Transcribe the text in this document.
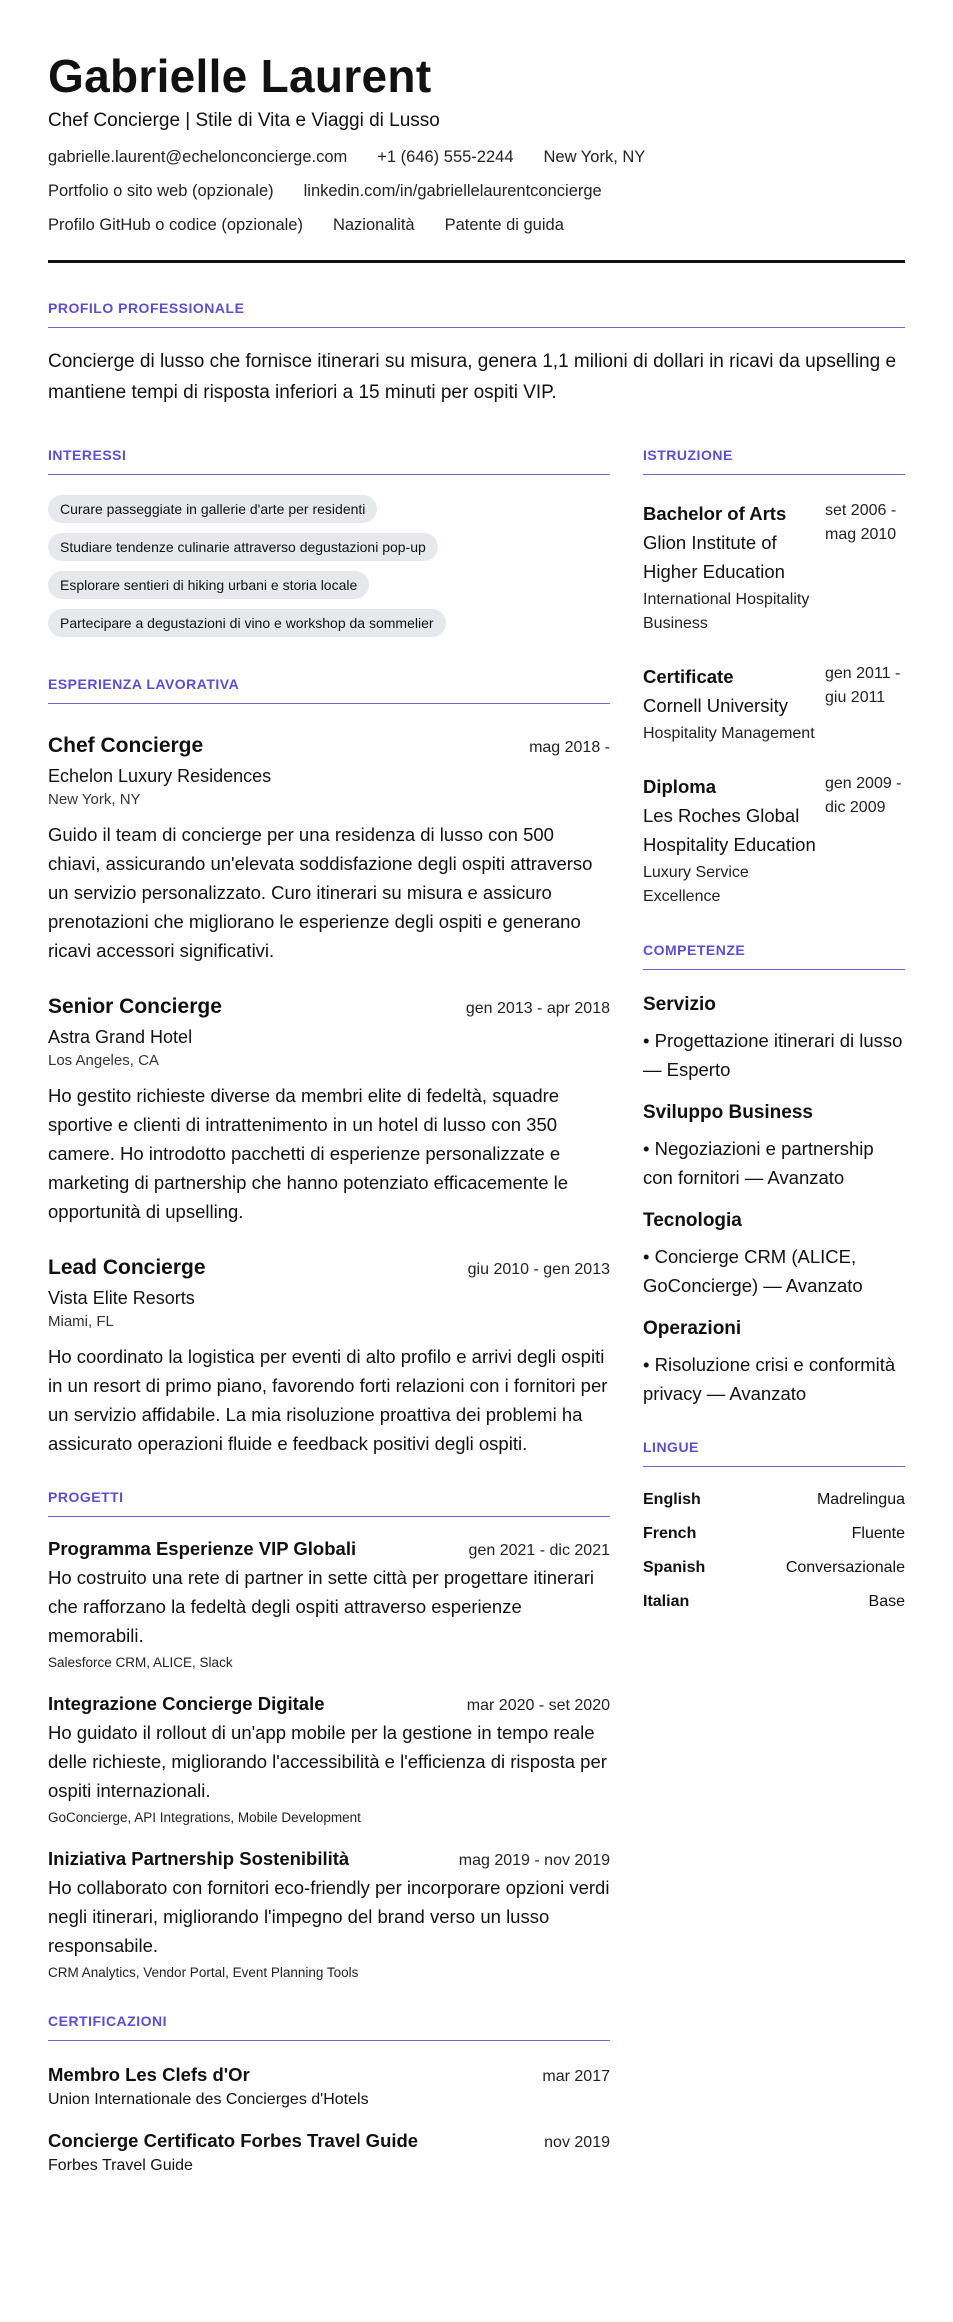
Gabrielle Laurent
Chef Concierge | Stile di Vita e Viaggi di Lusso
gabrielle.laurent@echelonconcierge.com +1 (646) 555-2244 New York, NY
Portfolio o sito web (opzionale) linkedin.com/in/gabriellelaurentconcierge
Profilo GitHub o codice (opzionale) Nazionalità Patente di guida
PROFILO PROFESSIONALE

Concierge di lusso che fornisce itinerari su misura, genera 1,1 milioni di dollari in ricavi da upselling e mantiene tempi di risposta inferiori a 15 minuti per ospiti VIP.

INTERESSI
Curare passeggiate in gallerie d'arte per residenti
Studiare tendenze culinarie attraverso degustazioni pop-up
Esplorare sentieri di hiking urbani e storia locale
Partecipare a degustazioni di vino e workshop da sommelier
ESPERIENZA LAVORATIVA
Chef Concierge	mag 2018 -
Echelon Luxury Residences
New York, NY

Guido il team di concierge per una residenza di lusso con 500 chiavi, assicurando un'elevata soddisfazione degli ospiti attraverso un servizio personalizzato. Curo itinerari su misura e assicuro prenotazioni che migliorano le esperienze degli ospiti e generano ricavi accessori significativi.

Senior Concierge	gen 2013 - apr 2018
Astra Grand Hotel
Los Angeles, CA

Ho gestito richieste diverse da membri elite di fedeltà, squadre sportive e clienti di intrattenimento in un hotel di lusso con 350 camere. Ho introdotto pacchetti di esperienze personalizzate e marketing di partnership che hanno potenziato efficacemente le opportunità di upselling.

Lead Concierge	giu 2010 - gen 2013
Vista Elite Resorts
Miami, FL

Ho coordinato la logistica per eventi di alto profilo e arrivi degli ospiti in un resort di primo piano, favorendo forti relazioni con i fornitori per un servizio affidabile. La mia risoluzione proattiva dei problemi ha assicurato operazioni fluide e feedback positivi degli ospiti.

PROGETTI
Programma Esperienze VIP Globali	gen 2021 - dic 2021

Ho costruito una rete di partner in sette città per progettare itinerari che rafforzano la fedeltà degli ospiti attraverso esperienze memorabili.

Salesforce CRM, ALICE, Slack
Integrazione Concierge Digitale	mar 2020 - set 2020

Ho guidato il rollout di un'app mobile per la gestione in tempo reale delle richieste, migliorando l'accessibilità e l'efficienza di risposta per ospiti internazionali.

GoConcierge, API Integrations, Mobile Development
Iniziativa Partnership Sostenibilità	mag 2019 - nov 2019

Ho collaborato con fornitori eco-friendly per incorporare opzioni verdi negli itinerari, migliorando l'impegno del brand verso un lusso responsabile.

CRM Analytics, Vendor Portal, Event Planning Tools
CERTIFICAZIONI
Membro Les Clefs d'Or	mar 2017
Union Internationale des Concierges d'Hotels
Concierge Certificato Forbes Travel Guide	nov 2019
Forbes Travel Guide
ISTRUZIONE
Bachelor of Arts
Glion Institute of Higher Education
International Hospitality Business
set 2006 - mag 2010
Certificate
Cornell University
Hospitality Management
gen 2011 - giu 2011
Diploma
Les Roches Global Hospitality Education
Luxury Service Excellence
gen 2009 - dic 2009
COMPETENZE
Servizio
• Progettazione itinerari di lusso — Esperto
Sviluppo Business
• Negoziazioni e partnership con fornitori — Avanzato
Tecnologia
• Concierge CRM (ALICE, GoConcierge) — Avanzato
Operazioni
• Risoluzione crisi e conformità privacy — Avanzato
LINGUE
English	Madrelingua
French	Fluente
Spanish	Conversazionale
Italian	Base
